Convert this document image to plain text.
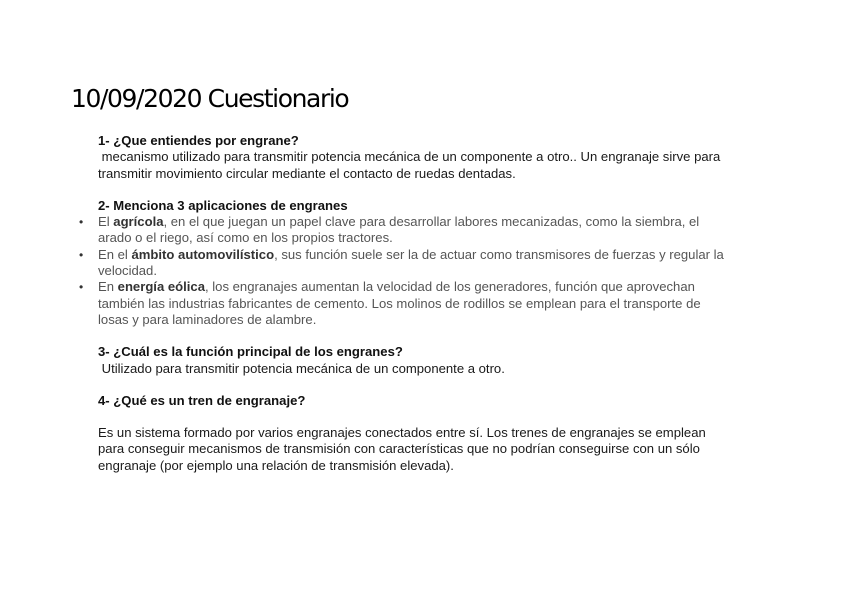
10/09/2020 Cuestionario

1- ¿Que entiendes por engrane?

mecanismo utilizado para transmitir potencia mecánica de un componente a otro.. Un engranaje sirve para
transmitir movimiento circular mediante el contacto de ruedas dentadas.

2- Menciona 3 aplicaciones de engranes

• El agrícola, en el que juegan un papel clave para desarrollar labores mecanizadas, como la siembra, el
arado o el riego, así como en los propios tractores.
• En el ámbito automovilístico, sus función suele ser la de actuar como transmisores de fuerzas y regular la
velocidad.
• En energía eólica, los engranajes aumentan la velocidad de los generadores, función que aprovechan
también las industrias fabricantes de cemento. Los molinos de rodillos se emplean para el transporte de
losas y para laminadores de alambre.

3- ¿Cuál es la función principal de los engranes?

Utilizado para transmitir potencia mecánica de un componente a otro.

4- ¿Qué es un tren de engranaje?

Es un sistema formado por varios engranajes conectados entre sí. Los trenes de engranajes se emplean
para conseguir mecanismos de transmisión con características que no podrían conseguirse con un sólo
engranaje (por ejemplo una relación de transmisión elevada).
